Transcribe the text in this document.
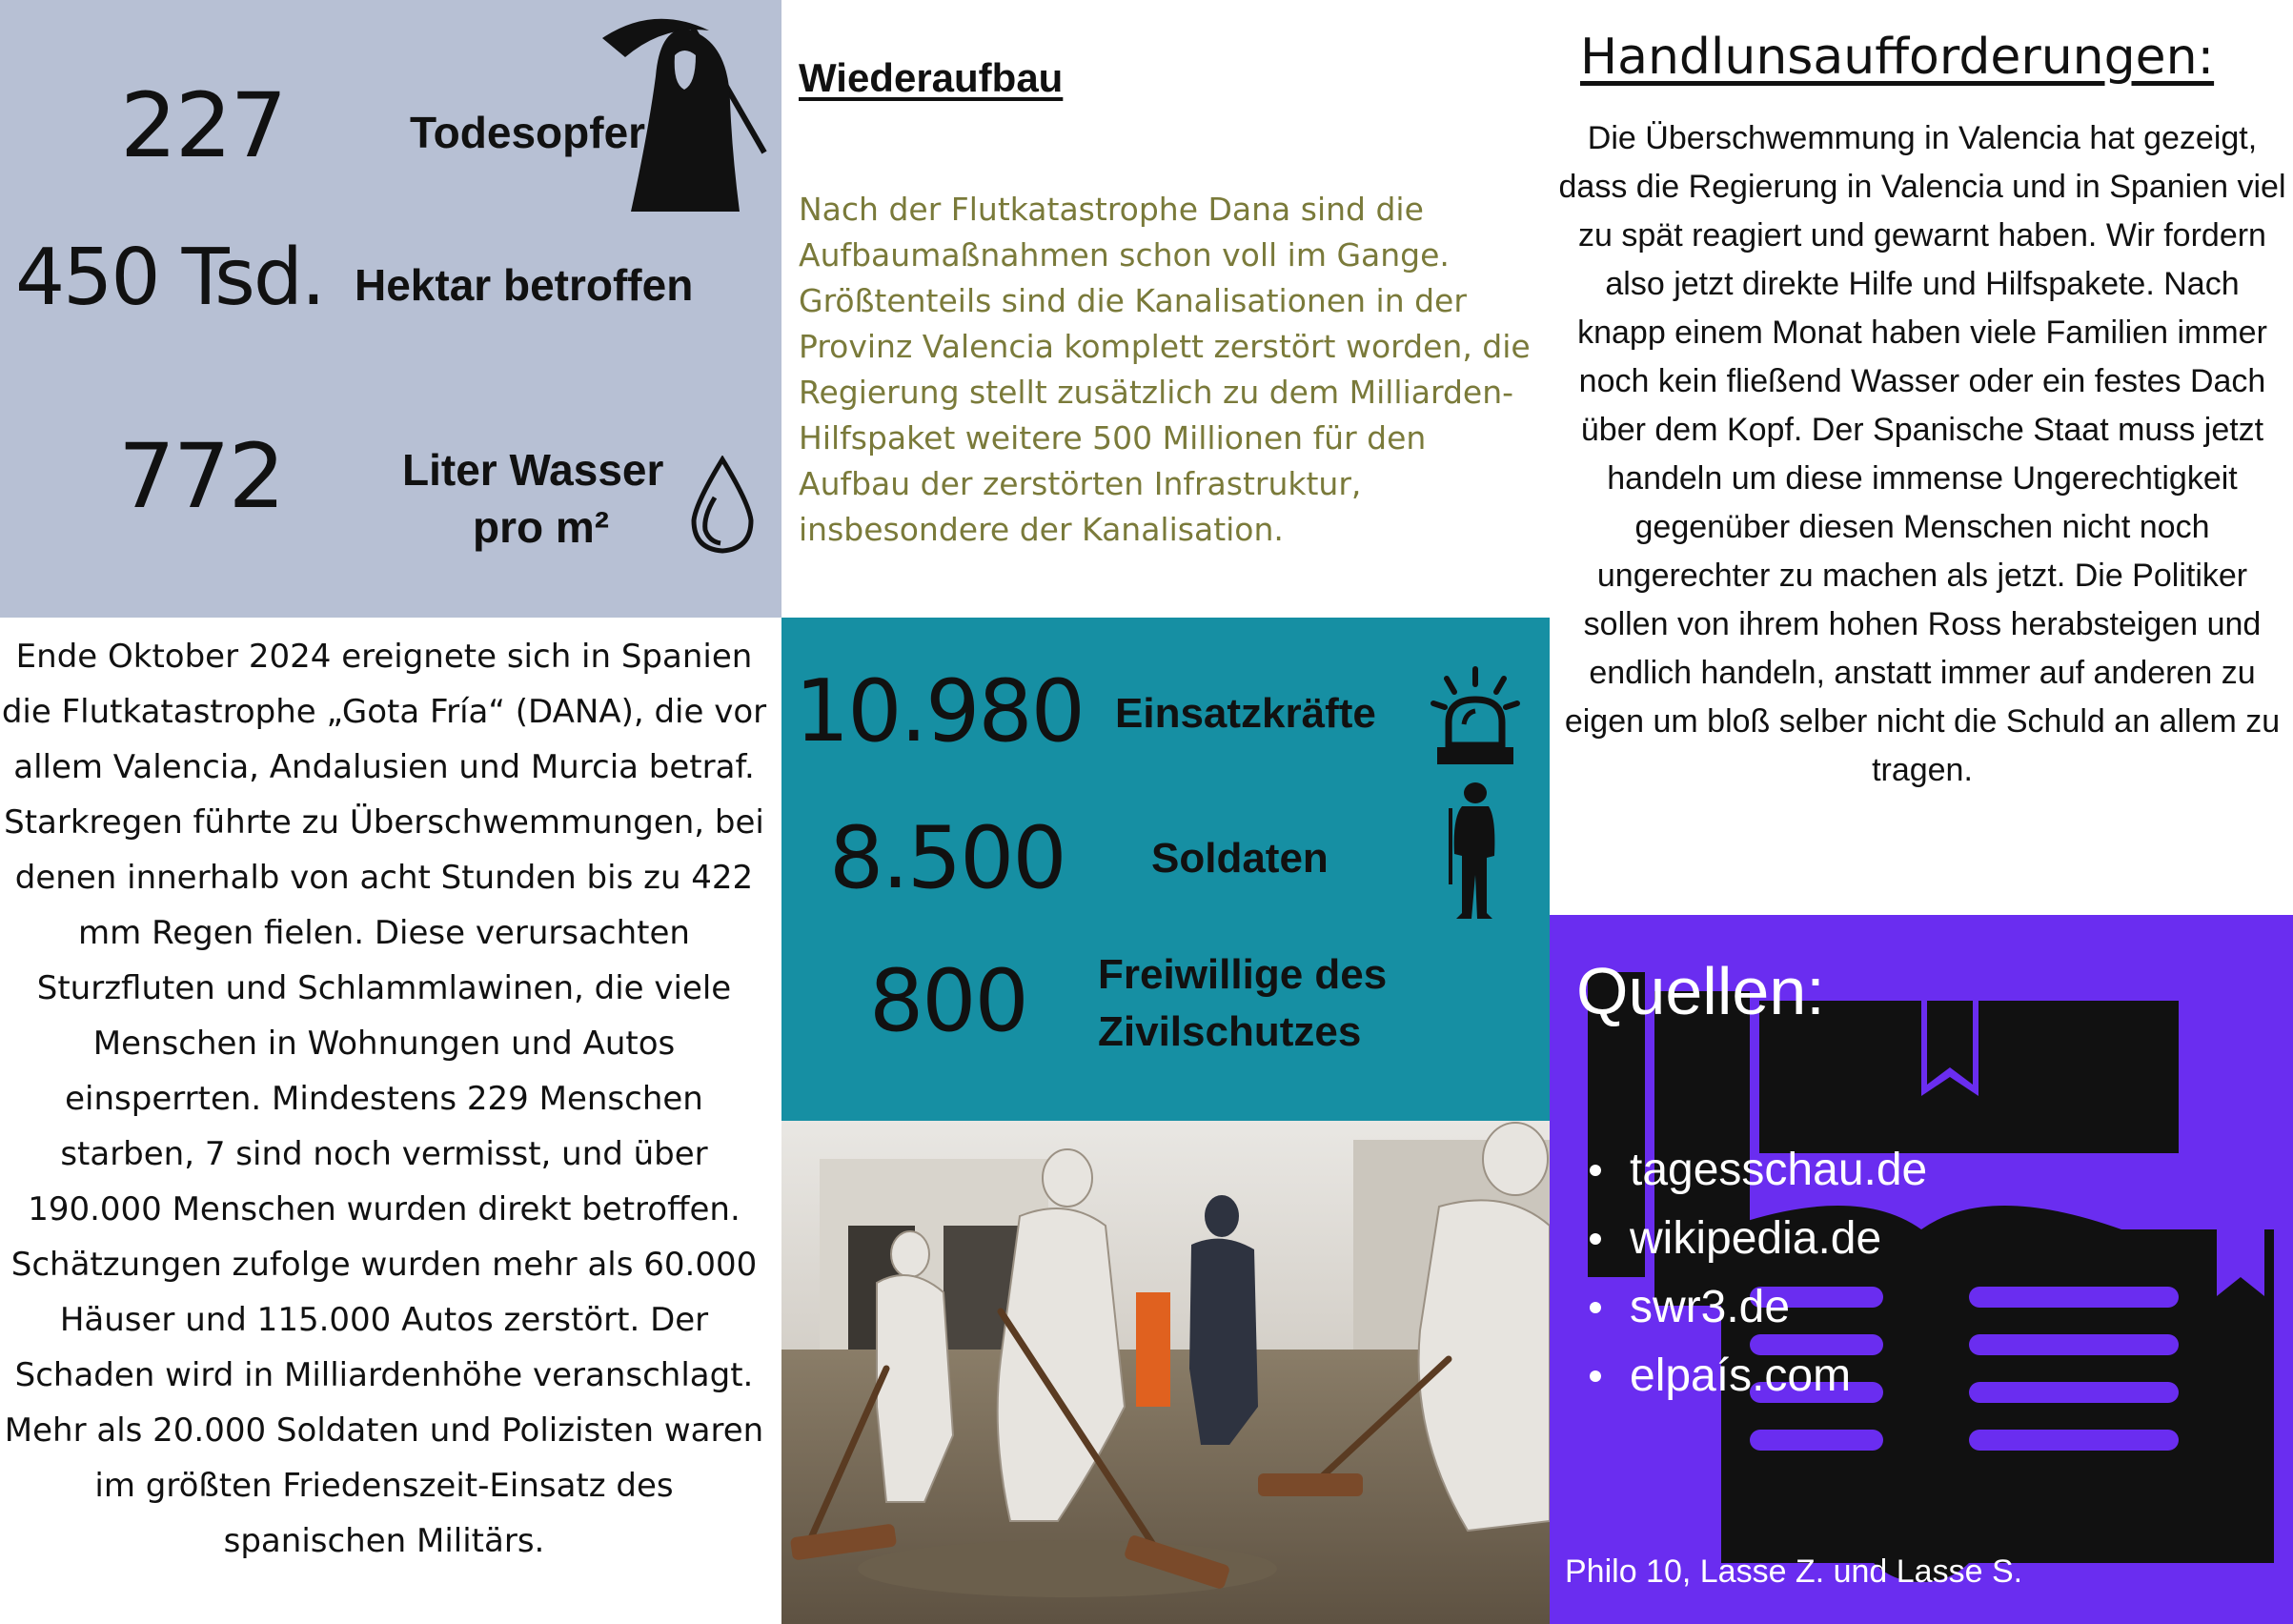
227	Todesopfer
450 Tsd. Hektar betroffen
772	Liter Wasser
pro m²
Wiederaufbau
Nach der Flutkatastrophe Dana sind die Aufbaumaßnahmen schon voll im Gange. Größtenteils sind die Kanalisationen in der Provinz Valencia komplett zerstört worden, die Regierung stellt zusätzlich zu dem Milliarden-Hilfspaket weitere 500 Millionen für den Aufbau der zerstörten Infrastruktur, insbesondere der Kanalisation.
Handlunsaufforderungen:
Die Überschwemmung in Valencia hat gezeigt, dass die Regierung in Valencia und in Spanien viel zu spät reagiert und gewarnt haben. Wir fordern also jetzt direkte Hilfe und Hilfspakete. Nach knapp einem Monat haben viele Familien immer noch kein fließend Wasser oder ein festes Dach über dem Kopf. Der Spanische Staat muss jetzt handeln um diese immense Ungerechtigkeit gegenüber diesen Menschen nicht noch ungerechter zu machen als jetzt. Die Politiker sollen von ihrem hohen Ross herabsteigen und endlich handeln, anstatt immer auf anderen zu eigen um bloß selber nicht die Schuld an allem zu tragen.
Ende Oktober 2024 ereignete sich in Spanien die Flutkatastrophe „Gota Fría“ (DANA), die vor allem Valencia, Andalusien und Murcia betraf. Starkregen führte zu Überschwemmungen, bei denen innerhalb von acht Stunden bis zu 422 mm Regen fielen. Diese verursachten Sturzfluten und Schlammlawinen, die viele Menschen in Wohnungen und Autos einsperrten. Mindestens 229 Menschen starben, 7 sind noch vermisst, und über 190.000 Menschen wurden direkt betroffen. Schätzungen zufolge wurden mehr als 60.000 Häuser und 115.000 Autos zerstört. Der Schaden wird in Milliardenhöhe veranschlagt. Mehr als 20.000 Soldaten und Polizisten waren im größten Friedenszeit-Einsatz des spanischen Militärs.
10.980 Einsatzkräfte
8.500 Soldaten
800 Freiwillige des
Zivilschutzes
Quellen:
tagesschau.de
wikipedia.de
swr3.de
elpaís.com
Philo 10, Lasse Z. und Lasse S.
